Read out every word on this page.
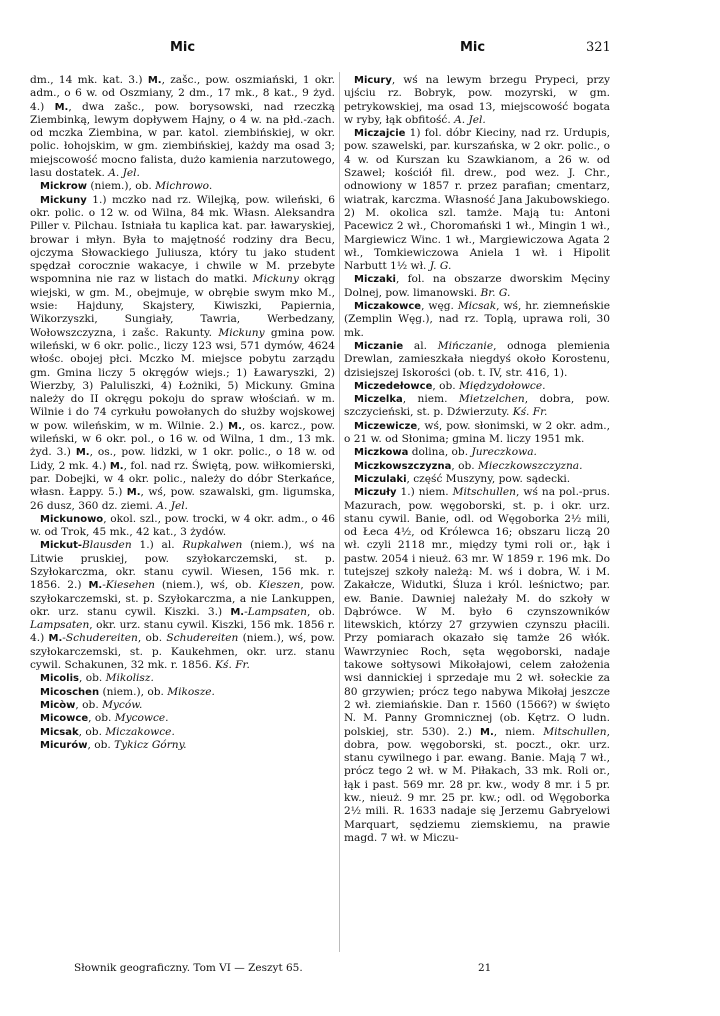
Mic	Mic	321

dm., 14 mk. kat. 3.) M., zašc., pow. oszmiański, 1 okr. adm., o 6 w. od Oszmiany, 2 dm., 17 mk., 8 kat., 9 żyd. 4.) M., dwa zašc., pow. borysowski, nad rzeczką Ziembinką, lewym dopływem Hajny, o 4 w. na płd.-zach. od mczka Ziembina, w par. katol. ziembińskiej, w okr. polic. łohojskim, w gm. ziembińskiej, każdy ma osad 3; miejscowość mocno falista, dużo kamienia narzutowego, lasu dostatek. A. Jel.

Mickrow (niem.), ob. Michrowo.

Mickuny 1.) mczko nad rz. Wilejką, pow. wileński, 6 okr. polic. o 12 w. od Wilna, 84 mk. Własn. Aleksandra Piller v. Pilchau. Istniała tu kaplica kat. par. ławaryskiej, browar i młyn. Była to majętność rodziny dra Becu, ojczyma Słowackiego Juliusza, który tu jako student spędzał corocznie wakacye, i chwile w M. przebyte wspomnina nie raz w listach do matki. Mickuny okrąg wiejski, w gm. M., obejmuje, w obrębie swym mko M., wsie: Hajduny, Skajstery, Kiwiszki, Papiernia, Wikorzyszki, Sungiały, Tawria, Werbedzany, Wołowszczyzna, i zašc. Rakunty. Mickuny gmina pow. wileński, w 6 okr. polic., liczy 123 wsi, 571 dymów, 4624 włośc. obojej płci. Mczko M. miejsce pobytu zarządu gm. Gmina liczy 5 okręgów wiejs.; 1) Ławaryszki, 2) Wierzby, 3) Paluliszki, 4) Łożniki, 5) Mickuny. Gmina należy do II okręgu pokoju do spraw włościań. w m. Wilnie i do 74 cyrkułu powołanych do służby wojskowej w pow. wileńskim, w m. Wilnie. 2.) M., os. karcz., pow. wileński, w 6 okr. pol., o 16 w. od Wilna, 1 dm., 13 mk. żyd. 3.) M., os., pow. lidzki, w 1 okr. polic., o 18 w. od Lidy, 2 mk. 4.) M., fol. nad rz. Świętą, pow. wiłkomierski, par. Dobejki, w 4 okr. polic., należy do dóbr Sterkańce, własn. Łappy. 5.) M., wś, pow. szawalski, gm. ligumska, 26 dusz, 360 dz. ziemi. A. Jel.

Mickunowo, okol. szl., pow. trocki, w 4 okr. adm., o 46 w. od Trok, 45 mk., 42 kat., 3 żydów.

Mickut-Blausden 1.) al. Rupkalwen (niem.), wś na Litwie pruskiej, pow. szyłokarczemski, st. p. Szyłokarczma, okr. stanu cywil. Wiesen, 156 mk. r. 1856. 2.) M.-Kiesehen (niem.), wś, ob. Kieszen, pow. szyłokarczemski, st. p. Szyłokarczma, a nie Lankuppen, okr. urz. stanu cywil. Kiszki. 3.) M.-Lampsaten, ob. Lampsaten, okr. urz. stanu cywil. Kiszki, 156 mk. 1856 r. 4.) M.-Schudereiten, ob. Schudereiten (niem.), wś, pow. szyłokarczemski, st. p. Kaukehmen, okr. urz. stanu cywil. Schakunen, 32 mk. r. 1856. Kś. Fr.

Micolis, ob. Mikolisz.

Micoschen (niem.), ob. Mikosze.

Micòw, ob. Myców.

Micowce, ob. Mycowce.

Micsak, ob. Miczakowce.

Micurów, ob. Tykicz Górny.

Micury, wś na lewym brzegu Prypeci, przy ujściu rz. Bobryk, pow. mozyrski, w gm. petrykowskiej, ma osad 13, miejscowość bogata w ryby, łąk obfitość. A. Jel.

Miczajcie 1) fol. dóbr Kieciny, nad rz. Urdupis, pow. szawelski, par. kurszańska, w 2 okr. polic., o 4 w. od Kurszan ku Szawkianom, a 26 w. od Szawel; kościół fil. drew., pod wez. J. Chr., odnowiony w 1857 r. przez parafian; cmentarz, wiatrak, karczma. Własność Jana Jakubowskiego. 2) M. okolica szl. tamże. Mają tu: Antoni Pacewicz 2 wł., Choromański 1 wł., Mingin 1 wł., Margiewicz Winc. 1 wł., Margiewiczowa Agata 2 wł., Tomkiewiczowa Aniela 1 wł. i Hipolit Narbutt 1½ wł. J. G.

Miczaki, fol. na obszarze dworskim Męciny Dolnej, pow. limanowski. Br. G.

Miczakowce, węg. Micsak, wś, hr. ziemneńskie (Zemplin Węg.), nad rz. Toplą, uprawa roli, 30 mk.

Miczanie al. Mińczanie, odnoga plemienia Drewlan, zamieszkała niegdyś około Korostenu, dzisiejszej Iskorości (ob. t. IV, str. 416, 1).

Miczedełowce, ob. Międzydołowce.

Miczelka, niem. Mietzelchen, dobra, pow. szczycieński, st. p. Dźwierzuty. Kś. Fr.

Miczewicze, wś, pow. słonimski, w 2 okr. adm., o 21 w. od Słonima; gmina M. liczy 1951 mk.

Miczkowa dolina, ob. Jureczkowa.

Miczkowszczyzna, ob. Mieczkowszczyzna.

Miczulaki, część Muszyny, pow. sądecki.

Miczuły 1.) niem. Mitschullen, wś na pol.-prus. Mazurach, pow. węgoborski, st. p. i okr. urz. stanu cywil. Banie, odl. od Węgoborka 2½ mili, od Łeca 4½, od Królewca 16; obszaru liczą 20 wł. czyli 2118 mr., między tymi roli or., łąk i pastw. 2054 i nieuż. 63 mr. W 1859 r. 196 mk. Do tutejszej szkoły należą: M. wś i dobra, W. i M. Zakałcze, Widutki, Śluza i król. leśnictwo; par. ew. Banie. Dawniej należały M. do szkoły w Dąbrówce. W M. było 6 czynszowników litewskich, którzy 27 grzywien czynszu płacili. Przy pomiarach okazało się tamże 26 włók. Wawrzyniec Roch, sęta węgoborski, nadaje takowe sołtysowi Mikołajowi, celem założenia wsi dannickiej i sprzedaje mu 2 wł. sołeckie za 80 grzywien; prócz tego nabywa Mikołaj jeszcze 2 wł. ziemiańskie. Dan r. 1560 (1566?) w święto N. M. Panny Gromnicznej (ob. Kętrz. O ludn. polskiej, str. 530). 2.) M., niem. Mitschullen, dobra, pow. węgoborski, st. poczt., okr. urz. stanu cywilnego i par. ewang. Banie. Mają 7 wł., prócz tego 2 wł. w M. Piłakach, 33 mk. Roli or., łąk i past. 569 mr. 28 pr. kw., wody 8 mr. i 5 pr. kw., nieuż. 9 mr. 25 pr. kw.; odl. od Węgoborka 2½ mili. R. 1633 nadaje się Jerzemu Gabryelowi Marquart, sędziemu ziemskiemu, na prawie magd. 7 wł. w Miczu-

Słownik geograficzny. Tom VI — Zeszyt 65.	21
